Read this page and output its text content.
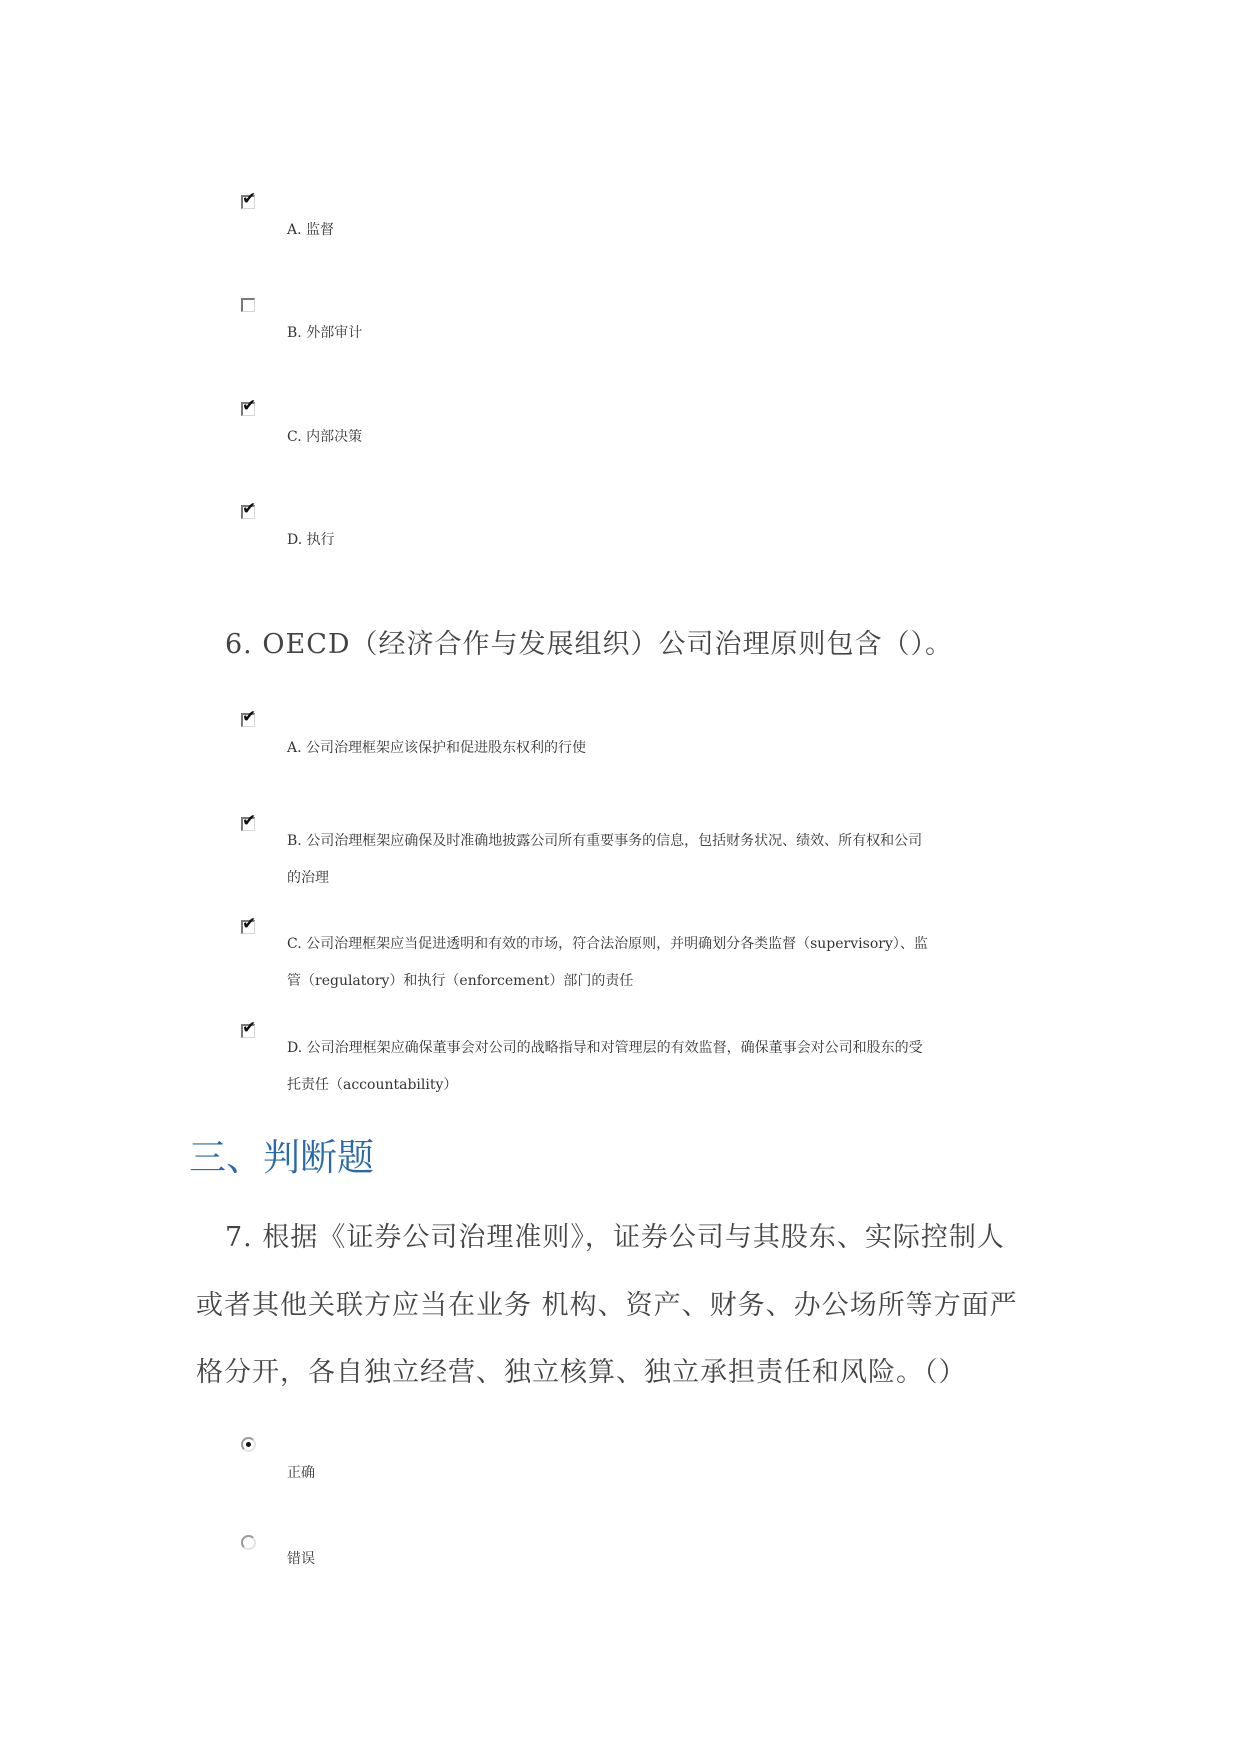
✔
A. 监督
B. 外部审计
✔
C. 内部决策
✔
D. 执行
6. OECD（经济合作与发展组织）公司治理原则包含（）。
✔
A. 公司治理框架应该保护和促进股东权利的行使
✔
B. 公司治理框架应确保及时准确地披露公司所有重要事务的信息，包括财务状况、绩效、所有权和公司
的治理
✔
C. 公司治理框架应当促进透明和有效的市场，符合法治原则，并明确划分各类监督（supervisory）、监
管（regulatory）和执行（enforcement）部门的责任
✔
D. 公司治理框架应确保董事会对公司的战略指导和对管理层的有效监督，确保董事会对公司和股东的受
托责任（accountability）
三、判断题
7. 根据《证券公司治理准则》，证券公司与其股东、实际控制人
或者其他关联方应当在业务 机构、资产、财务、办公场所等方面严
格分开，各自独立经营、独立核算、独立承担责任和风险。（）
正确
错误
